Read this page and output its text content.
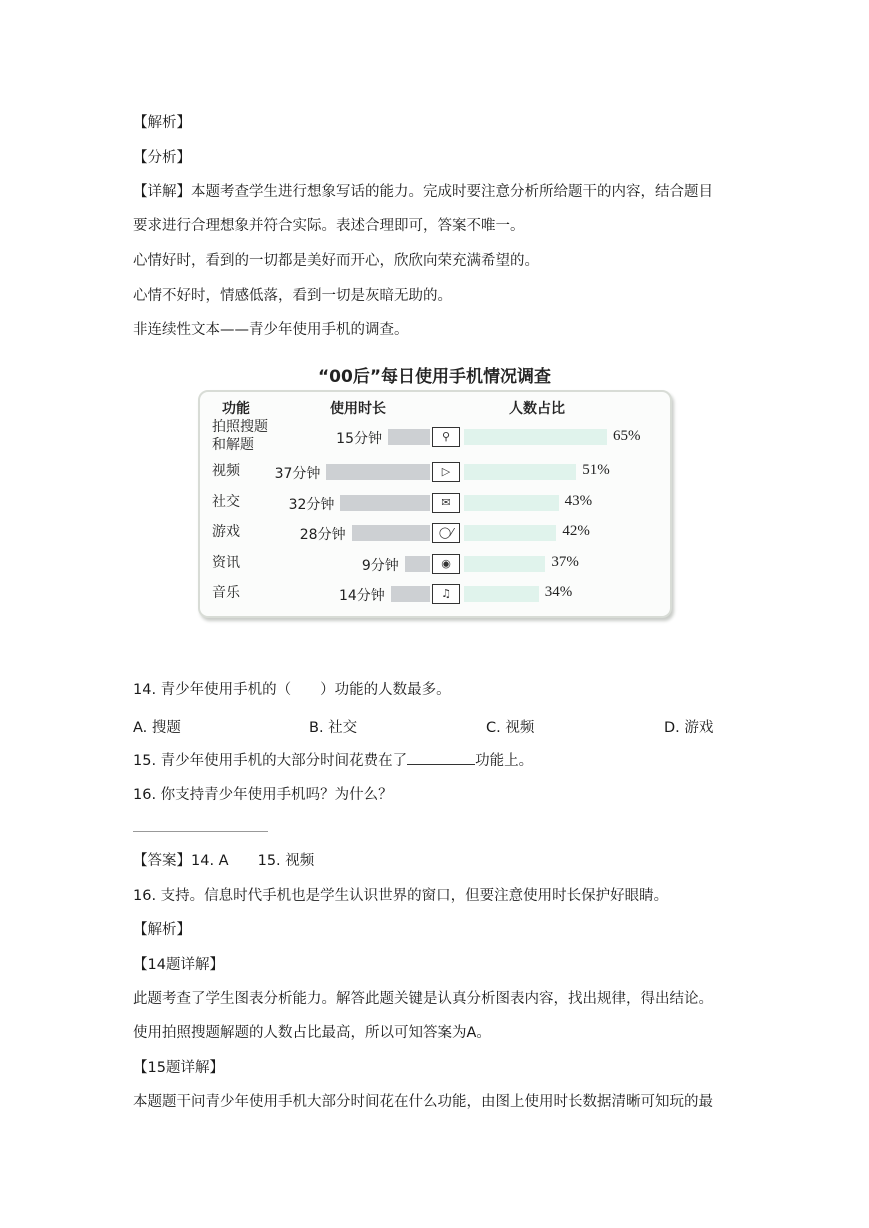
【解析】
【分析】
【详解】本题考查学生进行想象写话的能力。完成时要注意分析所给题干的内容，结合题目
要求进行合理想象并符合实际。表述合理即可，答案不唯一。
心情好时，看到的一切都是美好而开心，欣欣向荣充满希望的。
心情不好时，情感低落，看到一切是灰暗无助的。
非连续性文本——青少年使用手机的调查。
“00后”每日使用手机情况调查
功能	使用时长	人数占比
拍照搜题
和解题	15分钟	⚲	65%
视频	37分钟	▷	51%
社交	32分钟	✉	43%
游戏	28分钟	◯⁄	42%
资讯	9分钟	◉	37%
音乐	14分钟	♫	34%
14. 青少年使用手机的（　　）功能的人数最多。
A. 搜题	B. 社交	C. 视频	D. 游戏
15. 青少年使用手机的大部分时间花费在了	功能上。
16. 你支持青少年使用手机吗？为什么？
【答案】14. A　　15. 视频
16. 支持。信息时代手机也是学生认识世界的窗口，但要注意使用时长保护好眼睛。
【解析】
【14题详解】
此题考查了学生图表分析能力。解答此题关键是认真分析图表内容，找出规律，得出结论。
使用拍照搜题解题的人数占比最高，所以可知答案为A。
【15题详解】
本题题干问青少年使用手机大部分时间花在什么功能，由图上使用时长数据清晰可知玩的最
